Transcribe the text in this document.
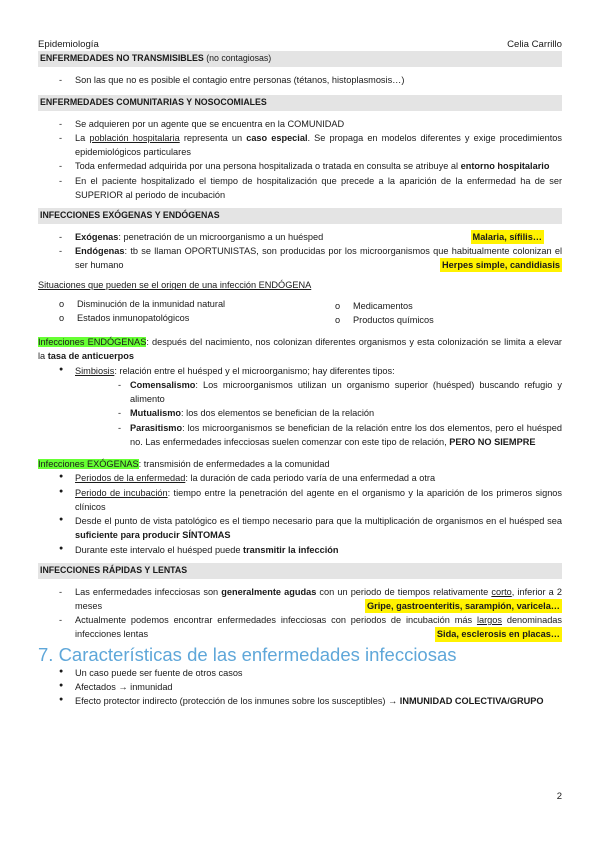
Epidemiología	Celia Carrillo
ENFERMEDADES NO TRANSMISIBLES (no contagiosas)
- Son las que no es posible el contagio entre personas (tétanos, histoplasmosis…)
ENFERMEDADES COMUNITARIAS Y NOSOCOMIALES
- Se adquieren por un agente que se encuentra en la COMUNIDAD
- La población hospitalaria representa un caso especial. Se propaga en modelos diferentes y exige procedimientos epidemiológicos particulares
- Toda enfermedad adquirida por una persona hospitalizada o tratada en consulta se atribuye al entorno hospitalario
- En el paciente hospitalizado el tiempo de hospitalización que precede a la aparición de la enfermedad ha de ser SUPERIOR al periodo de incubación
INFECCIONES EXÓGENAS Y ENDÓGENAS
- Exógenas: penetración de un microorganismo a un huésped	Malaria, sífilis…
- Endógenas: tb se llaman OPORTUNISTAS, son producidas por los microorganismos que habitualmente colonizan el ser humano	Herpes simple, candidiasis
Situaciones que pueden se el origen de una infección ENDÓGENA
o Disminución de la inmunidad natural
o Estados inmunopatológicos
o Medicamentos
o Productos químicos
Infecciones ENDÓGENAS: después del nacimiento, nos colonizan diferentes organismos y esta colonización se limita a elevar la tasa de anticuerpos
● Simbiosis: relación entre el huésped y el microorganismo; hay diferentes tipos:
- Comensalismo: Los microorganismos utilizan un organismo superior (huésped) buscando refugio y alimento
- Mutualismo: los dos elementos se benefician de la relación
- Parasitismo: los microorganismos se benefician de la relación entre los dos elementos, pero el huésped no. Las enfermedades infecciosas suelen comenzar con este tipo de relación, PERO NO SIEMPRE
Infecciones EXÓGENAS: transmisión de enfermedades a la comunidad
● Periodos de la enfermedad: la duración de cada periodo varía de una enfermedad a otra
● Periodo de incubación: tiempo entre la penetración del agente en el organismo y la aparición de los primeros signos clínicos
● Desde el punto de vista patológico es el tiempo necesario para que la multiplicación de organismos en el huésped sea suficiente para producir SÍNTOMAS
● Durante este intervalo el huésped puede transmitir la infección
INFECCIONES RÁPIDAS Y LENTAS
- Las enfermedades infecciosas son generalmente agudas con un periodo de tiempos relativamente corto, inferior a 2 meses	Gripe, gastroenteritis, sarampión, varicela…
- Actualmente podemos encontrar enfermedades infecciosas con periodos de incubación más largos denominadas infecciones lentas	Sida, esclerosis en placas…
7. Características de las enfermedades infecciosas
● Un caso puede ser fuente de otros casos
● Afectados → inmunidad
● Efecto protector indirecto (protección de los inmunes sobre los susceptibles) → INMUNIDAD COLECTIVA/GRUPO
2
